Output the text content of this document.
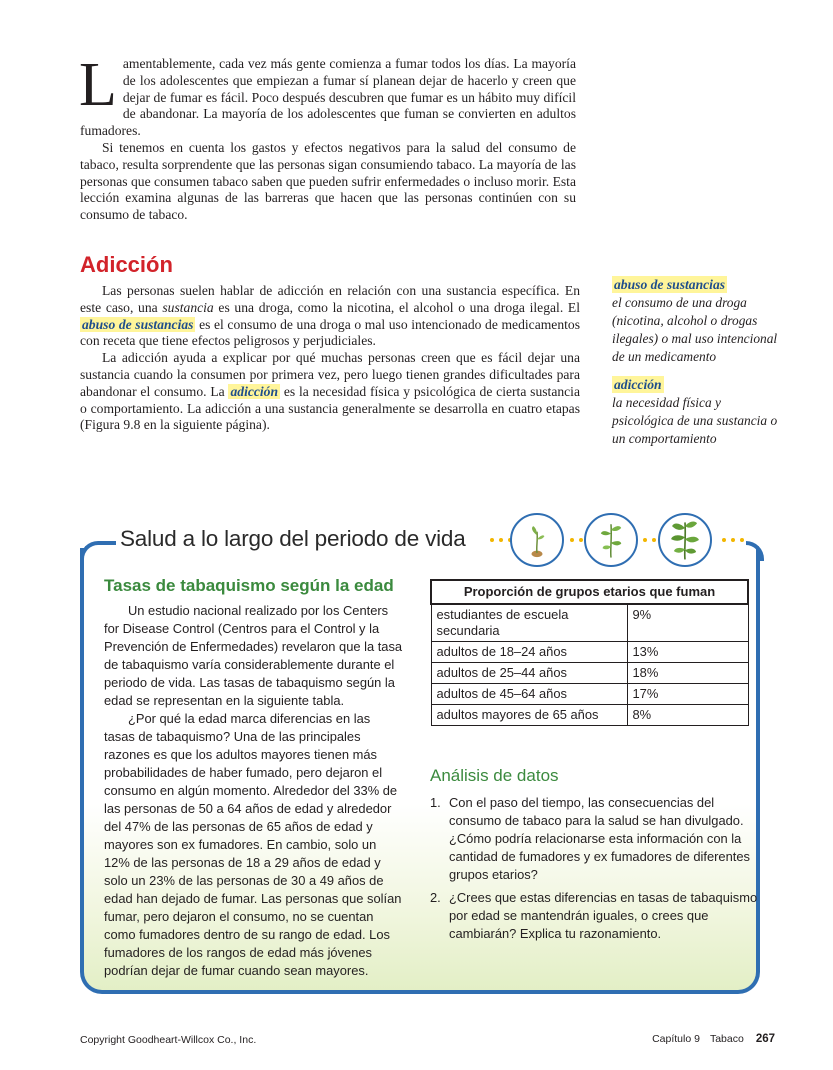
Lamentablemente, cada vez más gente comienza a fumar todos los días. La mayoría de los adolescentes que empiezan a fumar sí planean dejar de hacerlo y creen que dejar de fumar es fácil. Poco después descubren que fumar es un hábito muy difícil de abandonar. La mayoría de los adolescentes que fuman se convierten en adultos fumadores.

Si tenemos en cuenta los gastos y efectos negativos para la salud del consumo de tabaco, resulta sorprendente que las personas sigan consumiendo tabaco. La mayoría de las personas que consumen tabaco saben que pueden sufrir enfermedades o incluso morir. Esta lección examina algunas de las barreras que hacen que las personas continúen con su consumo de tabaco.

Adicción

Las personas suelen hablar de adicción en relación con una sustancia específica. En este caso, una sustancia es una droga, como la nicotina, el alcohol o una droga ilegal. El abuso de sustancias es el consumo de una droga o mal uso intencionado de medicamentos con receta que tiene efectos peligrosos y perjudiciales.

La adicción ayuda a explicar por qué muchas personas creen que es fácil dejar una sustancia cuando la consumen por primera vez, pero luego tienen grandes dificultades para abandonar el consumo. La adicción es la necesidad física y psicológica de cierta sustancia o comportamiento. La adicción a una sustancia generalmente se desarrolla en cuatro etapas (Figura 9.8 en la siguiente página).

abuso de sustancias

el consumo de una droga (nicotina, alcohol o drogas ilegales) o mal uso intencional de un medicamento

adicción

la necesidad física y psicológica de una sustancia o un comportamiento

Salud a lo largo del periodo de vida
Tasas de tabaquismo según la edad

Un estudio nacional realizado por los Centers for Disease Control (Centros para el Control y la Prevención de Enfermedades) revelaron que la tasa de tabaquismo varía considerablemente durante el periodo de vida. Las tasas de tabaquismo según la edad se representan en la siguiente tabla.

¿Por qué la edad marca diferencias en las tasas de tabaquismo? Una de las principales razones es que los adultos mayores tienen más probabilidades de haber fumado, pero dejaron el consumo en algún momento. Alrededor del 33% de las personas de 50 a 64 años de edad y alrededor del 47% de las personas de 65 años de edad y mayores son ex fumadores. En cambio, solo un 12% de las personas de 18 a 29 años de edad y solo un 23% de las personas de 30 a 49 años de edad han dejado de fumar. Las personas que solían fumar, pero dejaron el consumo, no se cuentan como fumadores dentro de su rango de edad. Los fumadores de los rangos de edad más jóvenes podrían dejar de fumar cuando sean mayores.

Proporción de grupos etarios que fuman	
estudiantes de escuela secundaria	9%
adultos de 18–24 años	13%
adultos de 25–44 años	18%
adultos de 45–64 años	17%
adultos mayores de 65 años	8%
Análisis de datos
1. Con el paso del tiempo, las consecuencias del consumo de tabaco para la salud se han divulgado. ¿Cómo podría relacionarse esta información con la cantidad de fumadores y ex fumadores de diferentes grupos etarios?
2. ¿Crees que estas diferencias en tasas de tabaquismo por edad se mantendrán iguales, o crees que cambiarán? Explica tu razonamiento.
Copyright Goodheart-Willcox Co., Inc.	Capítulo 9 Tabaco 267
